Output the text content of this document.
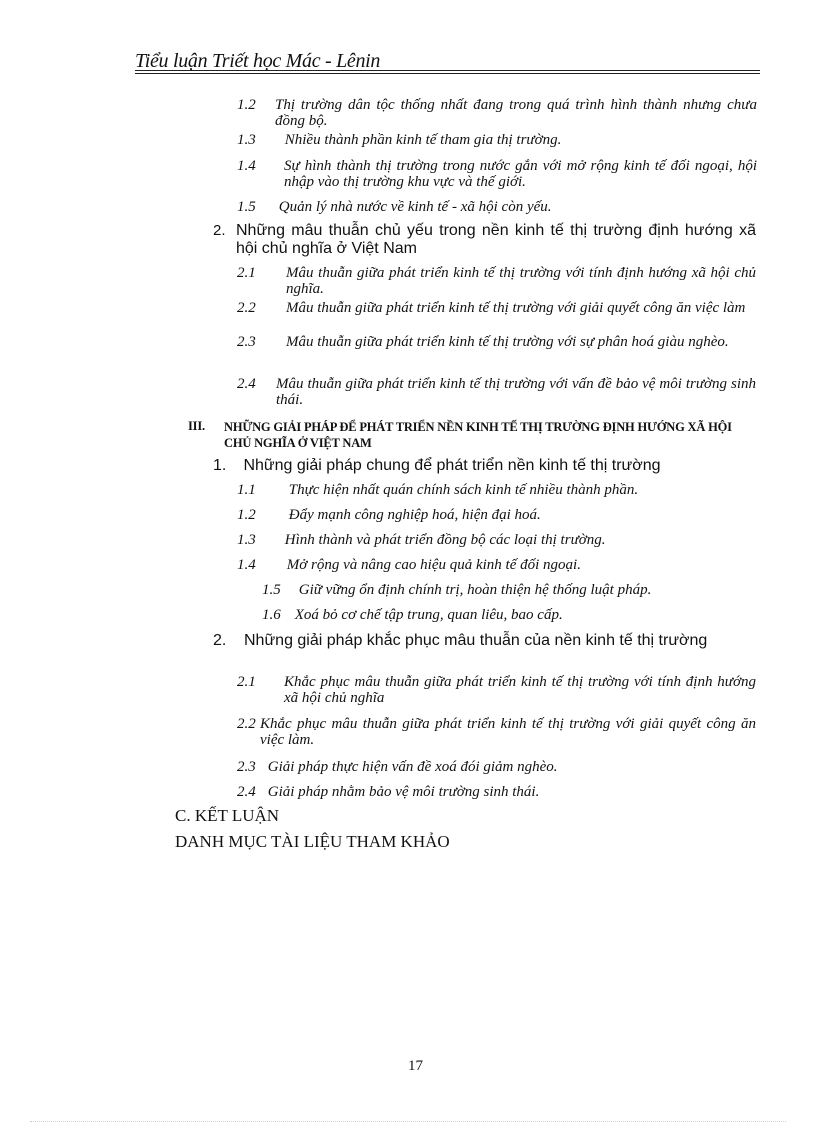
Tiểu luận Triết học Mác - Lênin
1.2	Thị trường dân tộc thống nhất đang trong quá trình hình thành nhưng chưa đồng bộ.
1.3 Nhiều thành phần kinh tế tham gia thị trường.
1.4 Sự hình thành thị trường trong nước gắn với mở rộng kinh tế đối ngoại, hội nhập vào thị trường khu vực và thế giới.
1.5 Quản lý nhà nước về kinh tế - xã hội còn yếu.
2. Những mâu thuẫn chủ yếu trong nền kinh tế thị trường định hướng xã hội chủ nghĩa ở Việt Nam
2.1 Mâu thuẫn giữa phát triển kinh tế thị trường với tính định hướng xã hội chủ nghĩa.
2.2 Mâu thuẫn giữa phát triển kinh tế thị trường với giải quyết công ăn việc làm
2.3 Mâu thuẫn giữa phát triển kinh tế thị trường với sự phân hoá giàu nghèo.
2.4 Mâu thuẫn giữa phát triển kinh tế thị trường với vấn đề bảo vệ môi trường sinh thái.
III. NHỮNG GIẢI PHÁP ĐỂ PHÁT TRIỂN NỀN KINH TẾ THỊ TRƯỜNG ĐỊNH HƯỚNG XÃ HỘI CHỦ NGHĨA Ở VIỆT NAM
1. Những giải pháp chung để phát triển nền kinh tế thị trường
1.1 Thực hiện nhất quán chính sách kinh tế nhiều thành phần.
1.2 Đẩy mạnh công nghiệp hoá, hiện đại hoá.
1.3 Hình thành và phát triển đồng bộ các loại thị trường.
1.4 Mở rộng và nâng cao hiệu quả kinh tế đối ngoại.
1.5 Giữ vững ổn định chính trị, hoàn thiện hệ thống luật pháp.
1.6 Xoá bỏ cơ chế tập trung, quan liêu, bao cấp.
2. Những giải pháp khắc phục mâu thuẫn của nền kinh tế thị trường
2.1 Khắc phục mâu thuẫn giữa phát triển kinh tế thị trường với tính định hướng xã hội chủ nghĩa
2.2 Khắc phục mâu thuẫn giữa phát triển kinh tế thị trường với giải quyết công ăn việc làm.
2.3 Giải pháp thực hiện vấn đề xoá đói giảm nghèo.
2.4 Giải pháp nhằm bảo vệ môi trường sinh thái.
C. KẾT LUẬN
DANH MỤC TÀI LIỆU THAM KHẢO
17
